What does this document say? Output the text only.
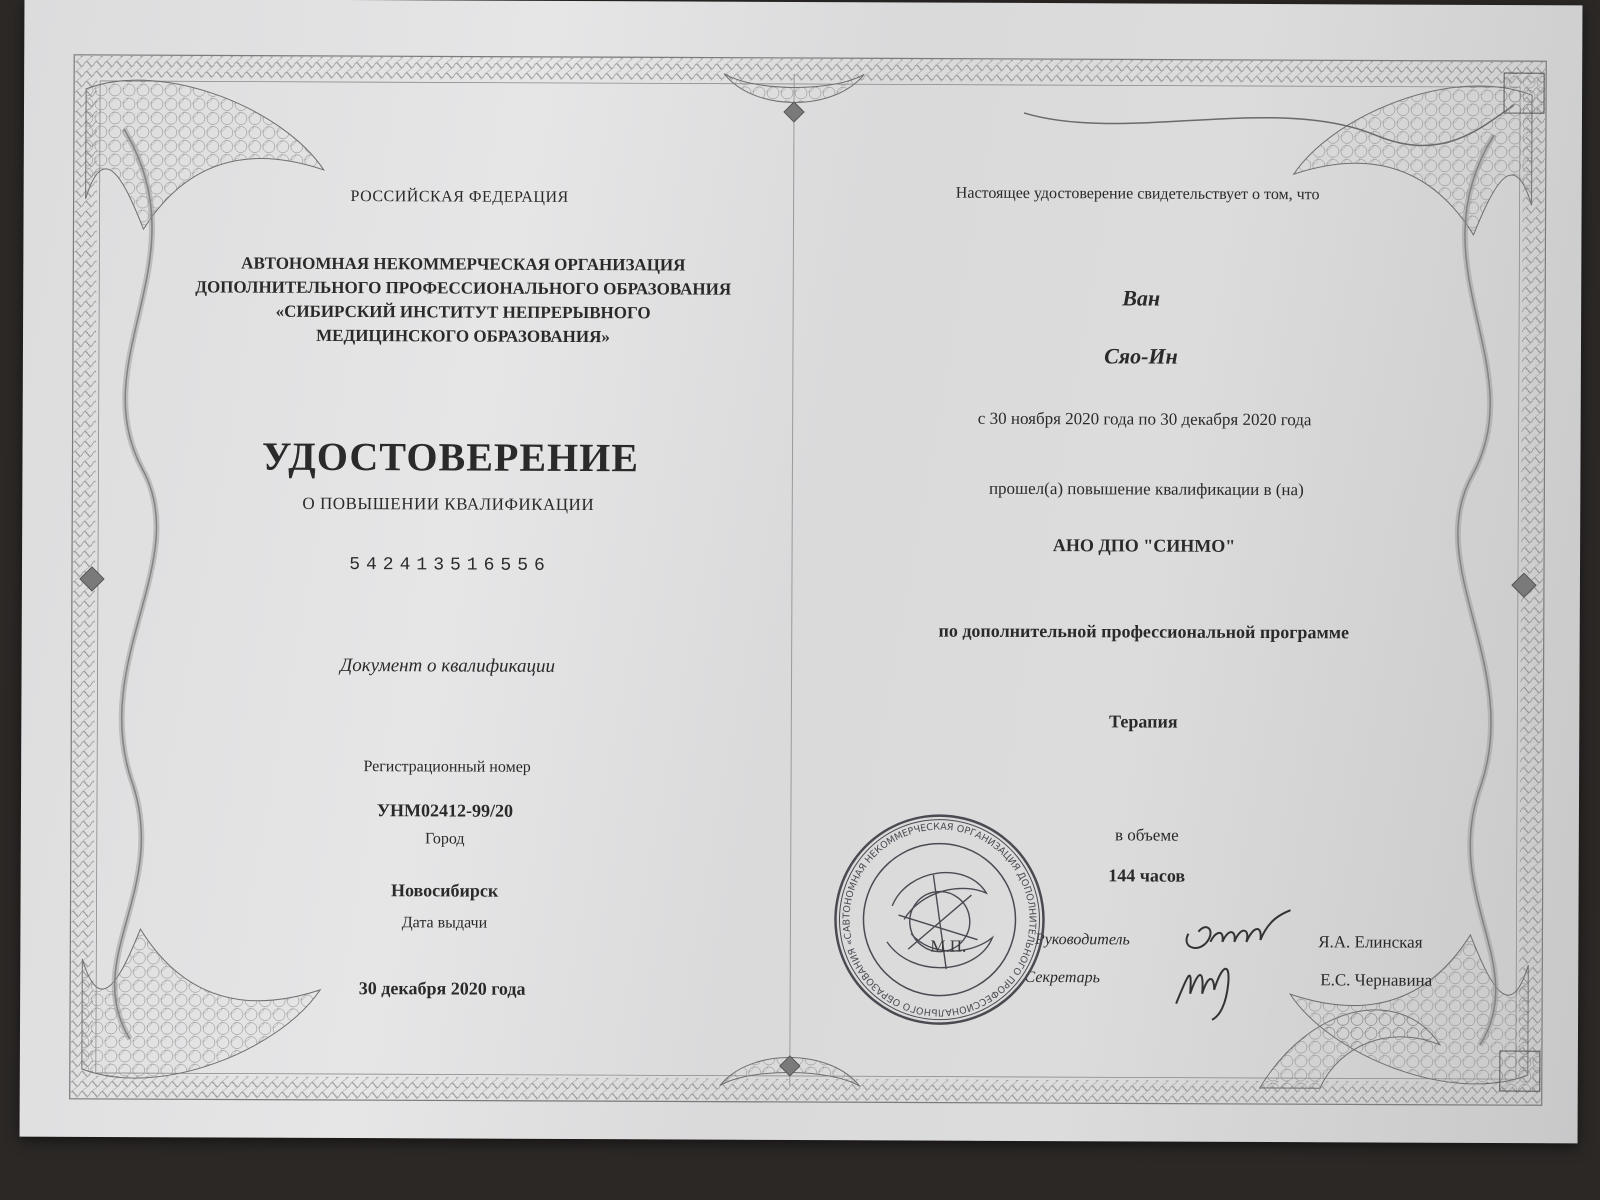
РОССИЙСКАЯ ФЕДЕРАЦИЯ
АВТОНОМНАЯ НЕКОММЕРЧЕСКАЯ ОРГАНИЗАЦИЯ
ДОПОЛНИТЕЛЬНОГО ПРОФЕССИОНАЛЬНОГО ОБРАЗОВАНИЯ
«СИБИРСКИЙ ИНСТИТУТ НЕПРЕРЫВНОГО
МЕДИЦИНСКОГО ОБРАЗОВАНИЯ»
УДОСТОВЕРЕНИЕ
О ПОВЫШЕНИИ КВАЛИФИКАЦИИ
542413516556
Документ о квалификации
Регистрационный номер
УНМ02412-99/20
Город
Новосибирск
Дата выдачи
30 декабря 2020 года
Настоящее удостоверение свидетельствует о том, что
Ван
Сяо-Ин
с 30 ноября 2020 года по 30 декабря 2020 года
прошел(а) повышение квалификации в (на)
АНО ДПО "СИНМО"
по дополнительной профессиональной программе
Терапия
в объеме
144 часов
Руководитель	Я.А. Елинская
Секретарь	Е.С. Чернавина
АВТОНОМНАЯ НЕКОММЕРЧЕСКАЯ ОРГАНИЗАЦИЯ ДОПОЛНИТЕЛЬНОГО ПРОФЕССИОНАЛЬНОГО ОБРАЗОВАНИЯ «СИБИРСКИЙ
М.П.
